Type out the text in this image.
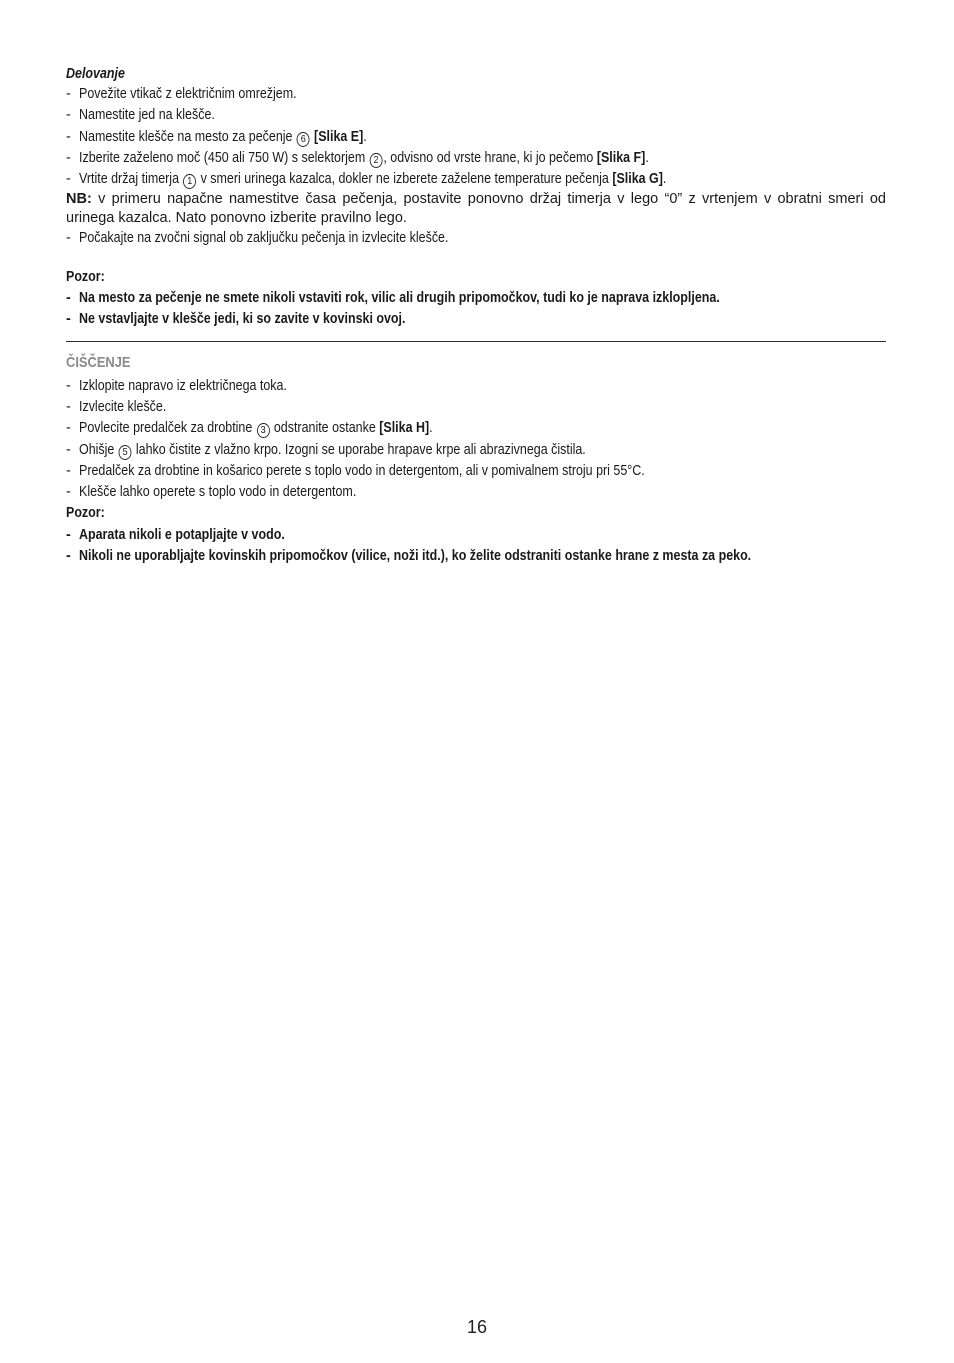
Delovanje
- Povežite vtikač z električnim omrežjem.
- Namestite jed na klešče.
- Namestite klešče na mesto za pečenje 6 [Slika E].
- Izberite zaželeno moč (450 ali 750 W) s selektorjem 2 , odvisno od vrste hrane, ki jo pečemo [Slika F].
- Vrtite držaj timerja 1 v smeri urinega kazalca, dokler ne izberete zaželene temperature pečenja [Slika G].
NB: v primeru napačne namestitve časa pečenja, postavite ponovno držaj timerja v lego “0” z vrtenjem v obratni smeri od urinega kazalca. Nato ponovno izberite pravilno lego.
- Počakajte na zvočni signal ob zaključku pečenja in izvlecite klešče.
Pozor:
- Na mesto za pečenje ne smete nikoli vstaviti rok, vilic ali drugih pripomočkov, tudi ko je naprava izklopljena.
- Ne vstavljajte v klešče jedi, ki so zavite v kovinski ovoj.
ČIŠČENJE
- Izklopite napravo iz električnega toka.
- Izvlecite klešče.
- Povlecite predalček za drobtine 3 odstranite ostanke [Slika H].
- Ohišje 5 lahko čistite z vlažno krpo. Izogni se uporabe hrapave krpe ali abrazivnega čistila.
- Predalček za drobtine in košarico perete s toplo vodo in detergentom, ali v pomivalnem stroju pri 55°C.
- Klešče lahko operete s toplo vodo in detergentom.
Pozor:
- Aparata nikoli e potapljajte v vodo.
- Nikoli ne uporabljajte kovinskih pripomočkov (vilice, noži itd.), ko želite odstraniti ostanke hrane z mesta za peko.
16
